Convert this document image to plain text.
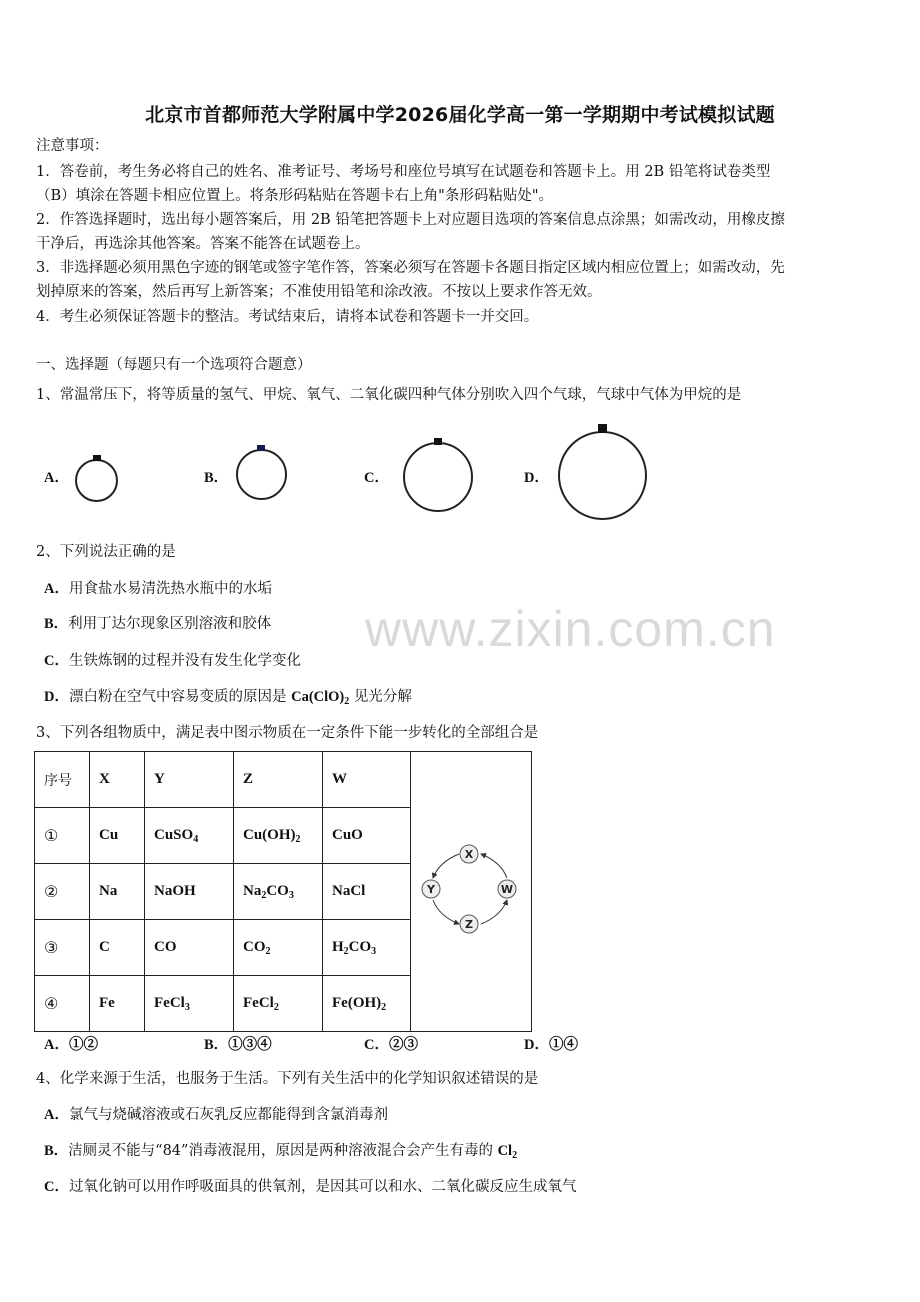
北京市首都师范大学附属中学2026届化学高一第一学期期中考试模拟试题
注意事项：
1．答卷前，考生务必将自己的姓名、准考证号、考场号和座位号填写在试题卷和答题卡上。用 2B 铅笔将试卷类型
（B）填涂在答题卡相应位置上。将条形码粘贴在答题卡右上角"条形码粘贴处"。
2．作答选择题时，选出每小题答案后，用 2B 铅笔把答题卡上对应题目选项的答案信息点涂黑；如需改动，用橡皮擦
干净后，再选涂其他答案。答案不能答在试题卷上。
3．非选择题必须用黑色字迹的钢笔或签字笔作答，答案必须写在答题卡各题目指定区域内相应位置上；如需改动，先
划掉原来的答案，然后再写上新答案；不准使用铅笔和涂改液。不按以上要求作答无效。
4．考生必须保证答题卡的整洁。考试结束后，请将本试卷和答题卡一并交回。
一、选择题（每题只有一个选项符合题意）
1、常温常压下，将等质量的氢气、甲烷、氧气、二氧化碳四种气体分别吹入四个气球，气球中气体为甲烷的是
A．	B．	C．	D．
2、下列说法正确的是
A．用食盐水易清洗热水瓶中的水垢
B．利用丁达尔现象区别溶液和胶体
C．生铁炼钢的过程并没有发生化学变化
D．漂白粉在空气中容易变质的原因是 $Ca(ClO)_2$ 见光分解
www.zixin.com.cn
3、下列各组物质中，满足表中图示物质在一定条件下能一步转化的全部组合是
序号	X	Y	Z	W	X
Y
Z
W

①	Cu	CuSO$_4$	$Cu(OH)_2$	CuO	
②	Na	NaOH	$Na_2CO_3$	NaCl	
③	C	CO	$CO_2$	$H_2CO_3$
④	Fe	FeCl$_3$	FeCl$_2$	$Fe(OH)_2$
A．①②	B．①③④	C．②③	D．①④
4、化学来源于生活，也服务于生活。下列有关生活中的化学知识叙述错误的是
A．氯气与烧碱溶液或石灰乳反应都能得到含氯消毒剂
B．洁厕灵不能与“84”消毒液混用，原因是两种溶液混合会产生有毒的 $Cl_2$
C．过氧化钠可以用作呼吸面具的供氧剂，是因其可以和水、二氧化碳反应生成氧气
